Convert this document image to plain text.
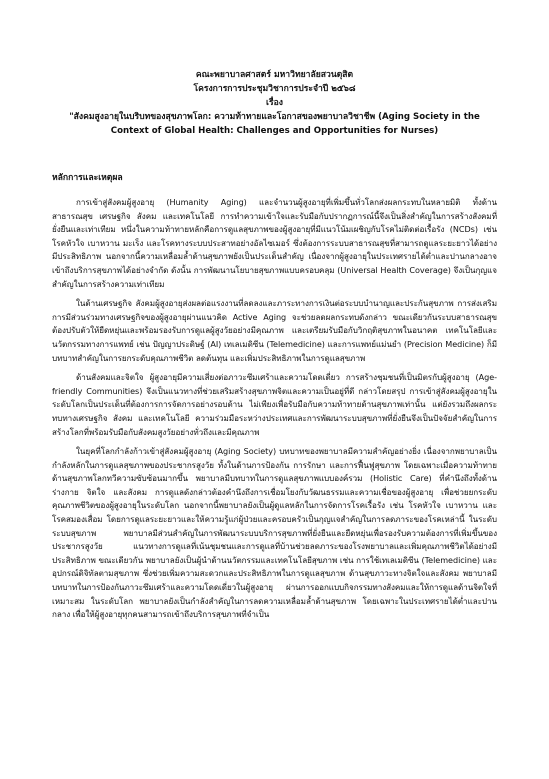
คณะพยาบาลศาสตร์ มหาวิทยาลัยสวนดุสิต
โครงการการประชุมวิชาการประจำปี ๒๕๖๘
เรื่อง
"สังคมสูงอายุในบริบทของสุขภาพโลก: ความท้าทายและโอกาสของพยาบาลวิชาชีพ (Aging Society in the Context of Global Health: Challenges and Opportunities for Nurses)
หลักการและเหตุผล

การเข้าสู่สังคมผู้สูงอายุ (Humanity Aging) และจำนวนผู้สูงอายุที่เพิ่มขึ้นทั่วโลกส่งผลกระทบในหลายมิติ ทั้งด้านสาธารณสุข เศรษฐกิจ สังคม และเทคโนโลยี การทำความเข้าใจและรับมือกับปรากฏการณ์นี้จึงเป็นสิ่งสำคัญในการสร้างสังคมที่ยั่งยืนและเท่าเทียม หนึ่งในความท้าทายหลักคือการดูแลสุขภาพของผู้สูงอายุที่มีแนวโน้มเผชิญกับโรคไม่ติดต่อเรื้อรัง (NCDs) เช่น โรคหัวใจ เบาหวาน มะเร็ง และโรคทางระบบประสาทอย่างอัลไซเมอร์ ซึ่งต้องการระบบสาธารณสุขที่สามารถดูแลระยะยาวได้อย่างมีประสิทธิภาพ นอกจากนี้ความเหลื่อมล้ำด้านสุขภาพยังเป็นประเด็นสำคัญ เนื่องจากผู้สูงอายุในประเทศรายได้ต่ำและปานกลางอาจเข้าถึงบริการสุขภาพได้อย่างจำกัด ดังนั้น การพัฒนานโยบายสุขภาพแบบครอบคลุม (Universal Health Coverage) จึงเป็นกุญแจสำคัญในการสร้างความเท่าเทียม

ในด้านเศรษฐกิจ สังคมผู้สูงอายุส่งผลต่อแรงงานที่ลดลงและภาระทางการเงินต่อระบบบำนาญและประกันสุขภาพ การส่งเสริมการมีส่วนร่วมทางเศรษฐกิจของผู้สูงอายุผ่านแนวคิด Active Aging จะช่วยลดผลกระทบดังกล่าว ขณะเดียวกันระบบสาธารณสุขต้องปรับตัวให้ยืดหยุ่นและพร้อมรองรับการดูแลผู้สูงวัยอย่างมีคุณภาพ และเตรียมรับมือกับวิกฤติสุขภาพในอนาคต เทคโนโลยีและนวัตกรรมทางการแพทย์ เช่น ปัญญาประดิษฐ์ (AI) เทเลเมดิซีน (Telemedicine) และการแพทย์แม่นยำ (Precision Medicine) ก็มีบทบาทสำคัญในการยกระดับคุณภาพชีวิต ลดต้นทุน และเพิ่มประสิทธิภาพในการดูแลสุขภาพ

ด้านสังคมและจิตใจ ผู้สูงอายุมีความเสี่ยงต่อภาวะซึมเศร้าและความโดดเดี่ยว การสร้างชุมชนที่เป็นมิตรกับผู้สูงอายุ (Age-friendly Communities) จึงเป็นแนวทางที่ช่วยเสริมสร้างสุขภาพจิตและความเป็นอยู่ที่ดี กล่าวโดยสรุป การเข้าสู่สังคมผู้สูงอายุในระดับโลกเป็นประเด็นที่ต้องการการจัดการอย่างรอบด้าน ไม่เพียงเพื่อรับมือกับความท้าทายด้านสุขภาพเท่านั้น แต่ยังรวมถึงผลกระทบทางเศรษฐกิจ สังคม และเทคโนโลยี ความร่วมมือระหว่างประเทศและการพัฒนาระบบสุขภาพที่ยั่งยืนจึงเป็นปัจจัยสำคัญในการสร้างโลกที่พร้อมรับมือกับสังคมสูงวัยอย่างทั่วถึงและมีคุณภาพ

ในยุคที่โลกกำลังก้าวเข้าสู่สังคมผู้สูงอายุ (Aging Society) บทบาทของพยาบาลมีความสำคัญอย่างยิ่ง เนื่องจากพยาบาลเป็นกำลังหลักในการดูแลสุขภาพของประชากรสูงวัย ทั้งในด้านการป้องกัน การรักษา และการฟื้นฟูสุขภาพ โดยเฉพาะเมื่อความท้าทายด้านสุขภาพโลกทวีความซับซ้อนมากขึ้น พยาบาลมีบทบาทในการดูแลสุขภาพแบบองค์รวม (Holistic Care) ที่คำนึงถึงทั้งด้านร่างกาย จิตใจ และสังคม การดูแลดังกล่าวต้องคำนึงถึงการเชื่อมโยงกับวัฒนธรรมและความเชื่อของผู้สูงอายุ เพื่อช่วยยกระดับคุณภาพชีวิตของผู้สูงอายุในระดับโลก นอกจากนี้พยาบาลยังเป็นผู้ดูแลหลักในการจัดการโรคเรื้อรัง เช่น โรคหัวใจ เบาหวาน และโรคสมองเสื่อม โดยการดูแลระยะยาวและให้ความรู้แก่ผู้ป่วยและครอบครัวเป็นกุญแจสำคัญในการลดภาระของโรคเหล่านี้ ในระดับระบบสุขภาพ พยาบาลมีส่วนสำคัญในการพัฒนาระบบบริการสุขภาพที่ยั่งยืนและยืดหยุ่นเพื่อรองรับความต้องการที่เพิ่มขึ้นของประชากรสูงวัย แนวทางการดูแลที่เน้นชุมชนและการดูแลที่บ้านช่วยลดภาระของโรงพยาบาลและเพิ่มคุณภาพชีวิตได้อย่างมีประสิทธิภาพ ขณะเดียวกัน พยาบาลยังเป็นผู้นำด้านนวัตกรรมและเทคโนโลยีสุขภาพ เช่น การใช้เทเลเมดิซีน (Telemedicine) และอุปกรณ์ดิจิทัลตามสุขภาพ ซึ่งช่วยเพิ่มความสะดวกและประสิทธิภาพในการดูแลสุขภาพ ด้านสุขภาวะทางจิตใจและสังคม พยาบาลมีบทบาทในการป้องกันภาวะซึมเศร้าและความโดดเดี่ยวในผู้สูงอายุ ผ่านการออกแบบกิจกรรมทางสังคมและให้การดูแลด้านจิตใจที่เหมาะสม ในระดับโลก พยาบาลยังเป็นกำลังสำคัญในการลดความเหลื่อมล้ำด้านสุขภาพ โดยเฉพาะในประเทศรายได้ต่ำและปานกลาง เพื่อให้ผู้สูงอายุทุกคนสามารถเข้าถึงบริการสุขภาพที่จำเป็น
